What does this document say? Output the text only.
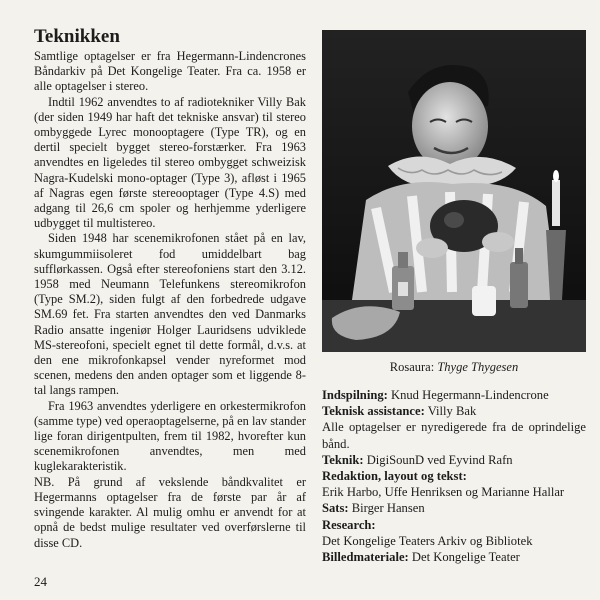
Teknikken

Samtlige optagelser er fra Hegermann-Lindencrones Båndarkiv på Det Kongelige Teater. Fra ca. 1958 er alle optagelser i stereo.

Indtil 1962 anvendtes to af radiotekniker Villy Bak (der siden 1949 har haft det tekniske ansvar) til stereo ombyggede Lyrec monooptagere (Type TR), og en dertil specielt bygget stereo-forstærker. Fra 1963 anvendtes en ligeledes til stereo ombygget schweizisk Nagra-Kudelski mono-optager (Type 3), afløst i 1965 af Nagras egen første stereooptager (Type 4.S) med adgang til 26,6 cm spoler og herhjemme yderligere udbygget til multistereo.

Siden 1948 har scenemikrofonen stået på en lav, skumgummiisoleret fod umiddelbart bag sufflørkassen. Også efter stereofoniens start den 3.12. 1958 med Neumann Telefunkens stereomikrofon (Type SM.2), siden fulgt af den forbedrede udgave SM.69 fet. Fra starten anvendtes den ved Danmarks Radio ansatte ingeniør Holger Lauridsens udviklede MS-stereofoni, specielt egnet til dette formål, d.v.s. at den ene mikrofonkapsel vender nyreformet mod scenen, medens den anden optager som et liggende 8-tal langs rampen.

Fra 1963 anvendtes yderligere en orkestermikrofon (samme type) ved operaoptagelserne, på en lav stander lige foran dirigentpulten, frem til 1982, hvorefter kun scenemikrofonen anvendtes, men med kuglekarakteristik.

NB. På grund af vekslende båndkvalitet er Hegermanns optagelser fra de første par år af svingende karakter. Al mulig omhu er anvendt for at opnå de bedst mulige resultater ved overførslerne til disse CD.

24
Rosaura: Thyge Thygesen

Indspilning: Knud Hegermann-Lindencrone

Teknisk assistance: Villy Bak

Alle optagelser er nyredigerede fra de oprindelige bånd.

Teknik: DigiSounD ved Eyvind Rafn

Redaktion, layout og tekst:

Erik Harbo, Uffe Henriksen og Marianne Hallar

Sats: Birger Hansen

Research:

Det Kongelige Teaters Arkiv og Bibliotek

Billedmateriale: Det Kongelige Teater
